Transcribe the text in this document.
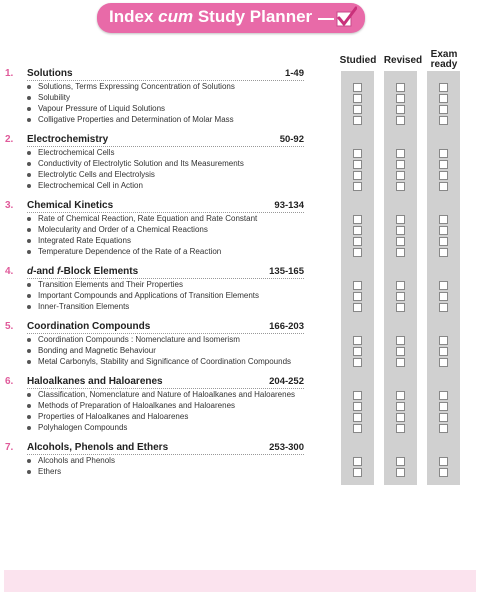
Index cum Study Planner
Studied Revised
Exam
ready
1. Solutions	1-49
Solutions, Terms Expressing Concentration of Solutions
Solubility
Vapour Pressure of Liquid Solutions
Colligative Properties and Determination of Molar Mass
2. Electrochemistry	50-92
Electrochemical Cells
Conductivity of Electrolytic Solution and Its Measurements
Electrolytic Cells and Electrolysis
Electrochemical Cell in Action
3. Chemical Kinetics	93-134
Rate of Chemical Reaction, Rate Equation and Rate Constant
Molecularity and Order of a Chemical Reactions
Integrated Rate Equations
Temperature Dependence of the Rate of a Reaction
4. d-and f-Block Elements	135-165
Transition Elements and Their Properties
Important Compounds and Applications of Transition Elements
Inner-Transition Elements
5. Coordination Compounds	166-203
Coordination Compounds : Nomenclature and Isomerism
Bonding and Magnetic Behaviour
Metal Carbonyls, Stability and Significance of Coordination Compounds
6. Haloalkanes and Haloarenes	204-252
Classification, Nomenclature and Nature of Haloalkanes and Haloarenes
Methods of Preparation of Haloalkanes and Haloarenes
Properties of Haloalkanes and Haloarenes
Polyhalogen Compounds
7. Alcohols, Phenols and Ethers	253-300
Alcohols and Phenols
Ethers
